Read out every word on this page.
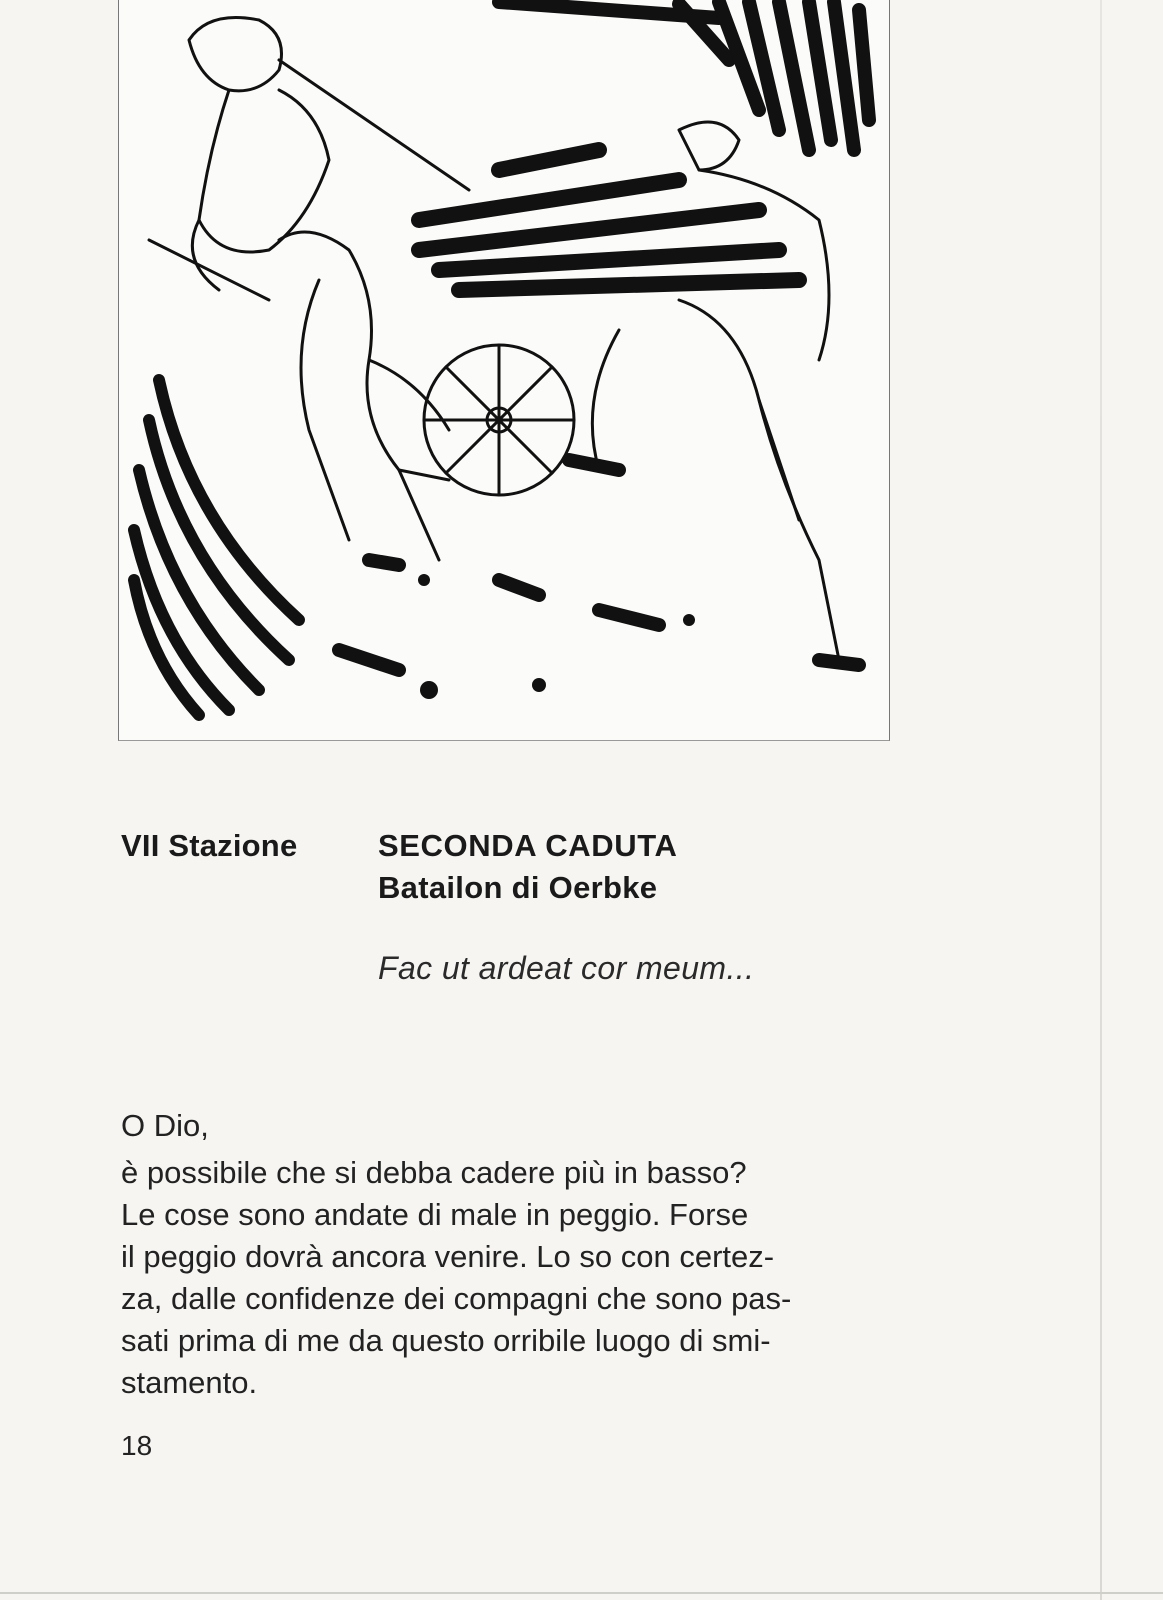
VII Stazione	SECONDA CADUTA
Batailon di Oerbke
Fac ut ardeat cor meum...
O Dio,
è possibile che si debba cadere più in basso?
Le cose sono andate di male in peggio. Forse
il peggio dovrà ancora venire. Lo so con certez-
za, dalle confidenze dei compagni che sono pas-
sati prima di me da questo orribile luogo di smi-
stamento.
18
